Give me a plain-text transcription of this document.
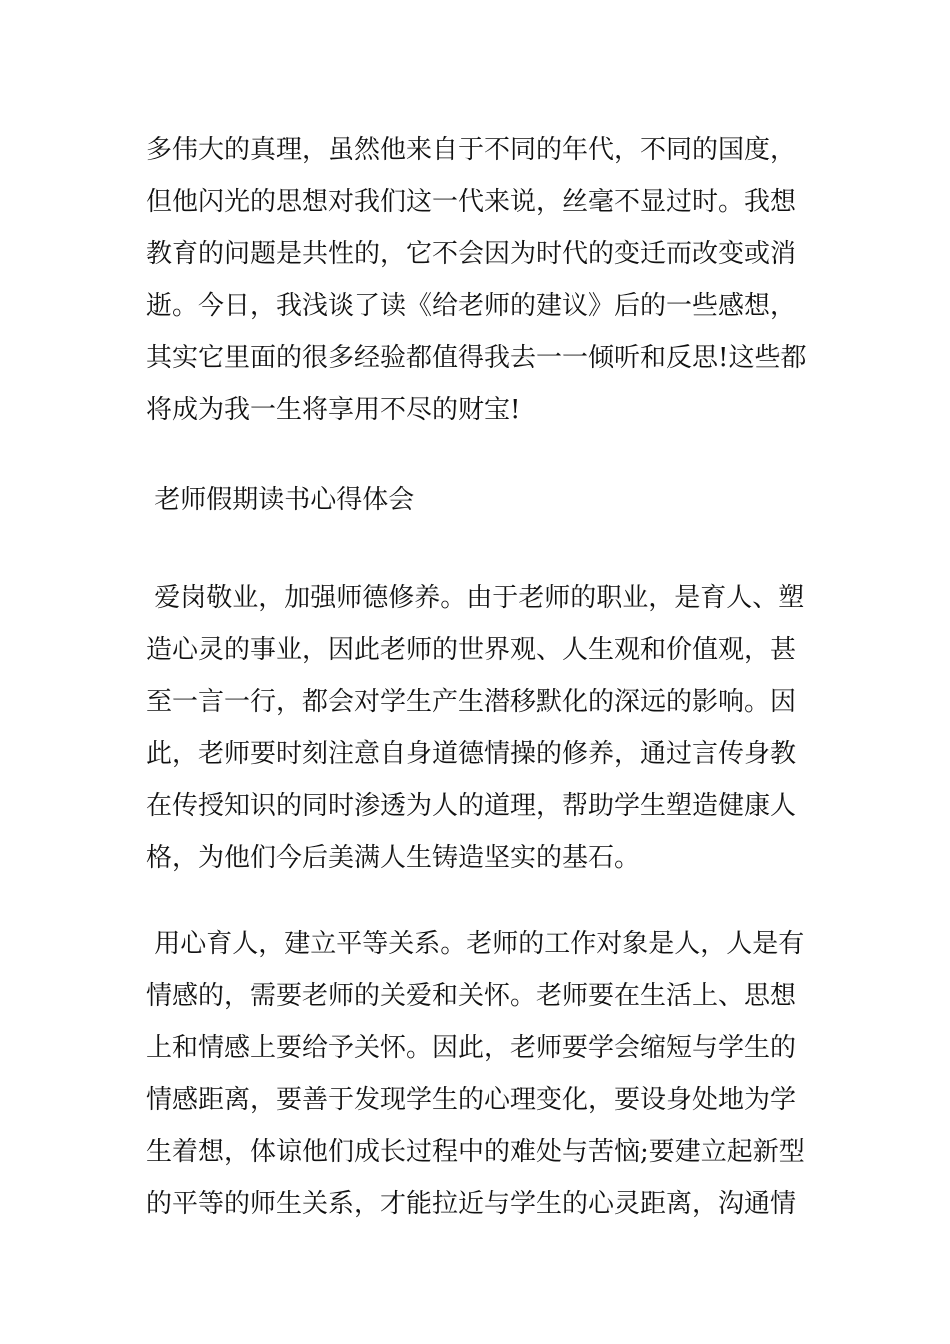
多伟大的真理，虽然他来自于不同的年代，不同的国度，
但他闪光的思想对我们这一代来说，丝毫不显过时。我想
教育的问题是共性的，它不会因为时代的变迁而改变或消
逝。今日，我浅谈了读《给老师的建议》后的一些感想，
其实它里面的很多经验都值得我去一一倾听和反思!这些都
将成为我一生将享用不尽的财宝!
老师假期读书心得体会
爱岗敬业，加强师德修养。由于老师的职业，是育人、塑
造心灵的事业，因此老师的世界观、人生观和价值观，甚
至一言一行，都会对学生产生潜移默化的深远的影响。因
此，老师要时刻注意自身道德情操的修养，通过言传身教
在传授知识的同时渗透为人的道理，帮助学生塑造健康人
格，为他们今后美满人生铸造坚实的基石。
用心育人，建立平等关系。老师的工作对象是人，人是有
情感的，需要老师的关爱和关怀。老师要在生活上、思想
上和情感上要给予关怀。因此，老师要学会缩短与学生的
情感距离，要善于发现学生的心理变化，要设身处地为学
生着想，体谅他们成长过程中的难处与苦恼;要建立起新型
的平等的师生关系，才能拉近与学生的心灵距离，沟通情
